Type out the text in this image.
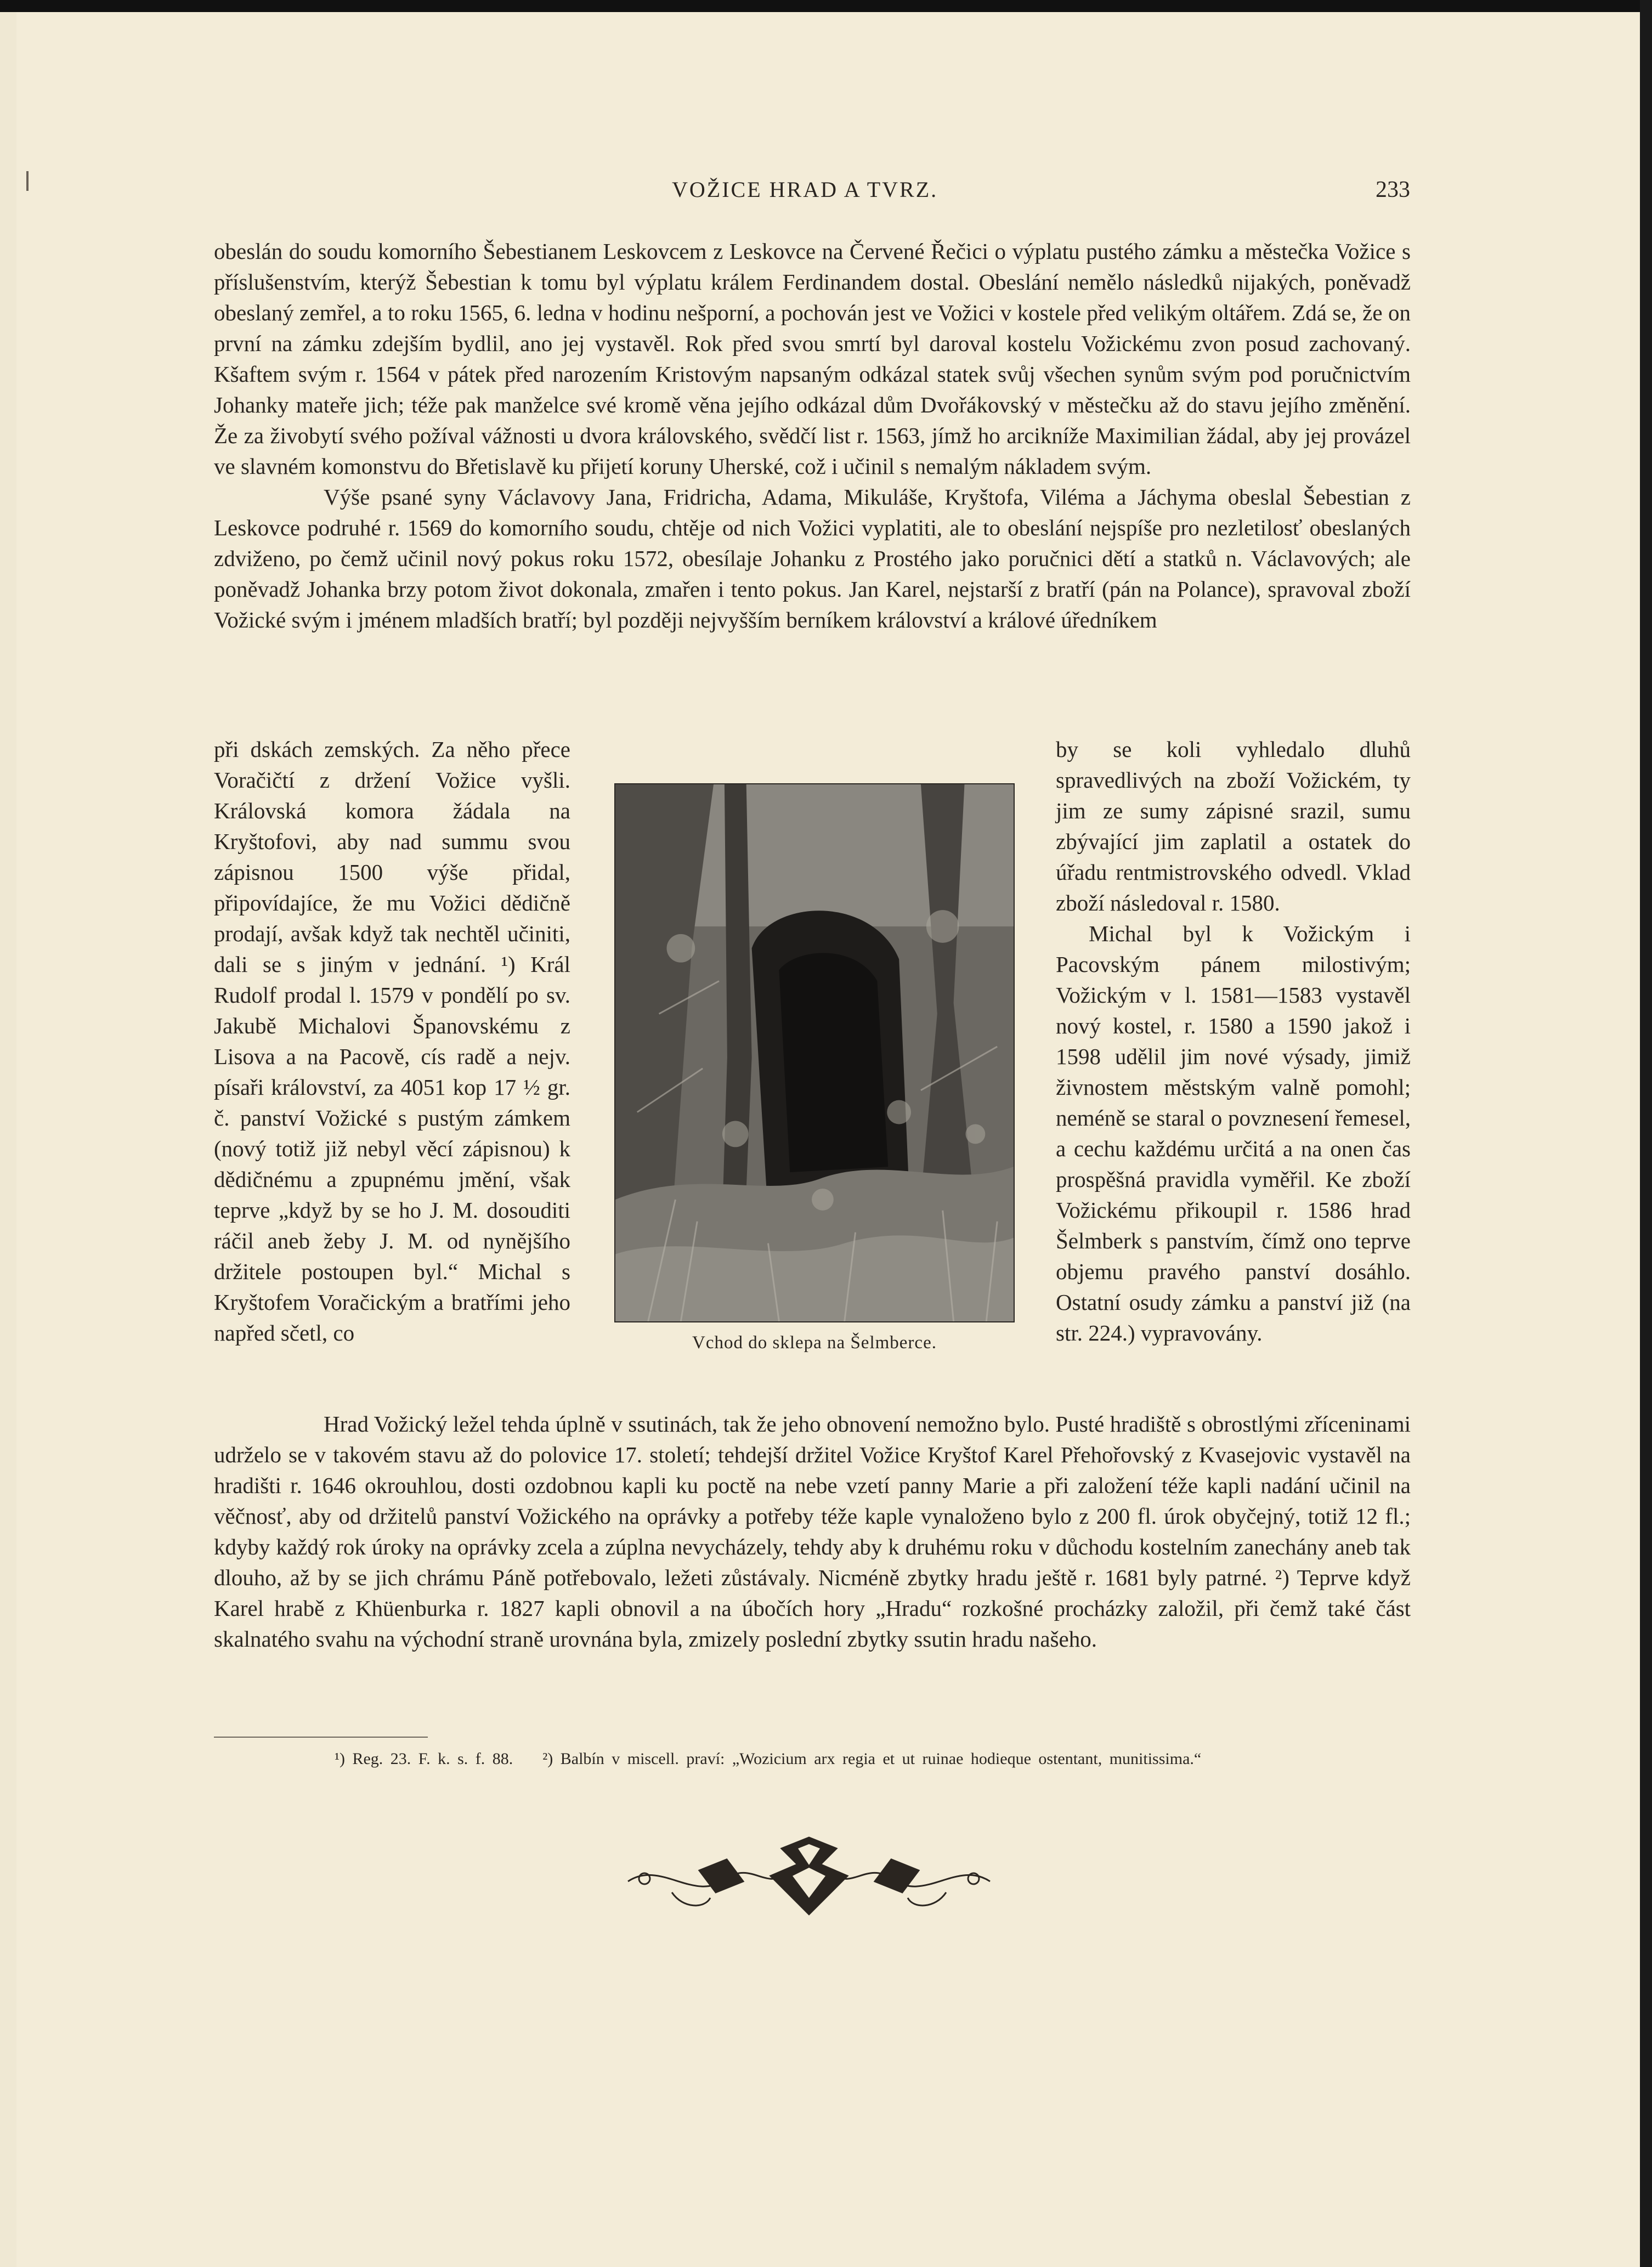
VOŽICE HRAD A TVRZ.	233

obeslán do soudu komorního Šebestianem Leskovcem z Leskovce na Červené Řečici o výplatu pustého zámku a městečka Vožice s příslušenstvím, kterýž Šebestian k tomu byl výplatu králem Ferdinandem dostal. Obeslání nemělo následků nijakých, poněvadž obeslaný zemřel, a to roku 1565, 6. ledna v hodinu nešporní, a pochován jest ve Vožici v kostele před velikým oltářem. Zdá se, že on první na zámku zdejším bydlil, ano jej vystavěl. Rok před svou smrtí byl daroval kostelu Vožickému zvon posud zachovaný. Kšaftem svým r. 1564 v pátek před narozením Kristovým napsaným odkázal statek svůj všechen synům svým pod poručnictvím Johanky mateře jich; téže pak manželce své kromě věna jejího odkázal dům Dvořákovský v městečku až do stavu jejího změnění. Že za živobytí svého požíval vážnosti u dvora královského, svědčí list r. 1563, jímž ho arcikníže Maximilian žádal, aby jej provázel ve slavném komonstvu do Břetislavě ku přijetí koruny Uherské, což i učinil s nemalým nákladem svým.

Výše psané syny Václavovy Jana, Fridricha, Adama, Mikuláše, Kryštofa, Viléma a Jáchyma obeslal Šebestian z Leskovce podruhé r. 1569 do komorního soudu, chtěje od nich Vožici vyplatiti, ale to obeslání nejspíše pro nezletilosť obeslaných zdviženo, po čemž učinil nový pokus roku 1572, obesílaje Johanku z Prostého jako poručnici dětí a statků n. Václavových; ale poněvadž Johanka brzy potom život dokonala, zmařen i tento pokus. Jan Karel, nejstarší z bratří (pán na Polance), spravoval zboží Vožické svým i jménem mladších bratří; byl později nejvyšším berníkem království a králové úředníkem

při dskách zemských. Za něho přece Voračičtí z držení Vožice vyšli. Královská komora žádala na Kryštofovi, aby nad summu svou zápisnou 1500 výše přidal, připovídajíce, že mu Vožici dědičně prodají, avšak když tak nechtěl učiniti, dali se s jiným v jednání. ¹) Král Rudolf prodal l. 1579 v pondělí po sv. Jakubě Michalovi Španovskému z Lisova a na Pacově, cís radě a nejv. písaři království, za 4051 kop 17 ½ gr. č. panství Vožické s pustým zámkem (nový totiž již nebyl věcí zápisnou) k dědičnému a zpupnému jmění, však teprve „když by se ho J. M. dosouditi ráčil aneb žeby J. M. od nynějšího držitele postoupen byl.“ Michal s Kryštofem Voračickým a bratřími jeho napřed sčetl, co	Vchod do sklepa na Šelmberce.

by se koli vyhledalo dluhů spravedlivých na zboží Vožickém, ty jim ze sumy zápisné srazil, sumu zbývající jim zaplatil a ostatek do úřadu rentmistrovského odvedl. Vklad zboží následoval r. 1580.

Michal byl k Vožickým i Pacovským pánem milostivým; Vožickým v l. 1581—1583 vystavěl nový kostel, r. 1580 a 1590 jakož i 1598 udělil jim nové výsady, jimiž živnostem městským valně pomohl; neméně se staral o povznesení řemesel, a cechu každému určitá a na onen čas prospěšná pravidla vyměřil. Ke zboží Vožickému přikoupil r. 1586 hrad Šelmberk s panstvím, čímž ono teprve objemu pravého panství dosáhlo. Ostatní osudy zámku a panství již (na str. 224.) vypravovány.

Hrad Vožický ležel tehda úplně v ssutinách, tak že jeho obnovení nemožno bylo. Pusté hradiště s obrostlými zříceninami udrželo se v takovém stavu až do polovice 17. století; tehdejší držitel Vožice Kryštof Karel Přehořovský z Kvasejovic vystavěl na hradišti r. 1646 okrouhlou, dosti ozdobnou kapli ku poctě na nebe vzetí panny Marie a při založení téže kapli nadání učinil na věčnosť, aby od držitelů panství Vožického na oprávky a potřeby téže kaple vynaloženo bylo z 200 fl. úrok obyčejný, totiž 12 fl.; kdyby každý rok úroky na oprávky zcela a zúplna nevycházely, tehdy aby k druhému roku v důchodu kostelním zanechány aneb tak dlouho, až by se jich chrámu Páně potřebovalo, ležeti zůstávaly. Nicméně zbytky hradu ještě r. 1681 byly patrné. ²) Teprve když Karel hrabě z Khüenburka r. 1827 kapli obnovil a na úbočích hory „Hradu“ rozkošné procházky založil, při čemž také část skalnatého svahu na východní straně urovnána byla, zmizely poslední zbytky ssutin hradu našeho.

¹) Reg. 23. F. k. s. f. 88. ²) Balbín v miscell. praví: „Wozicium arx regia et ut ruinae hodieque ostentant, munitissima.“
